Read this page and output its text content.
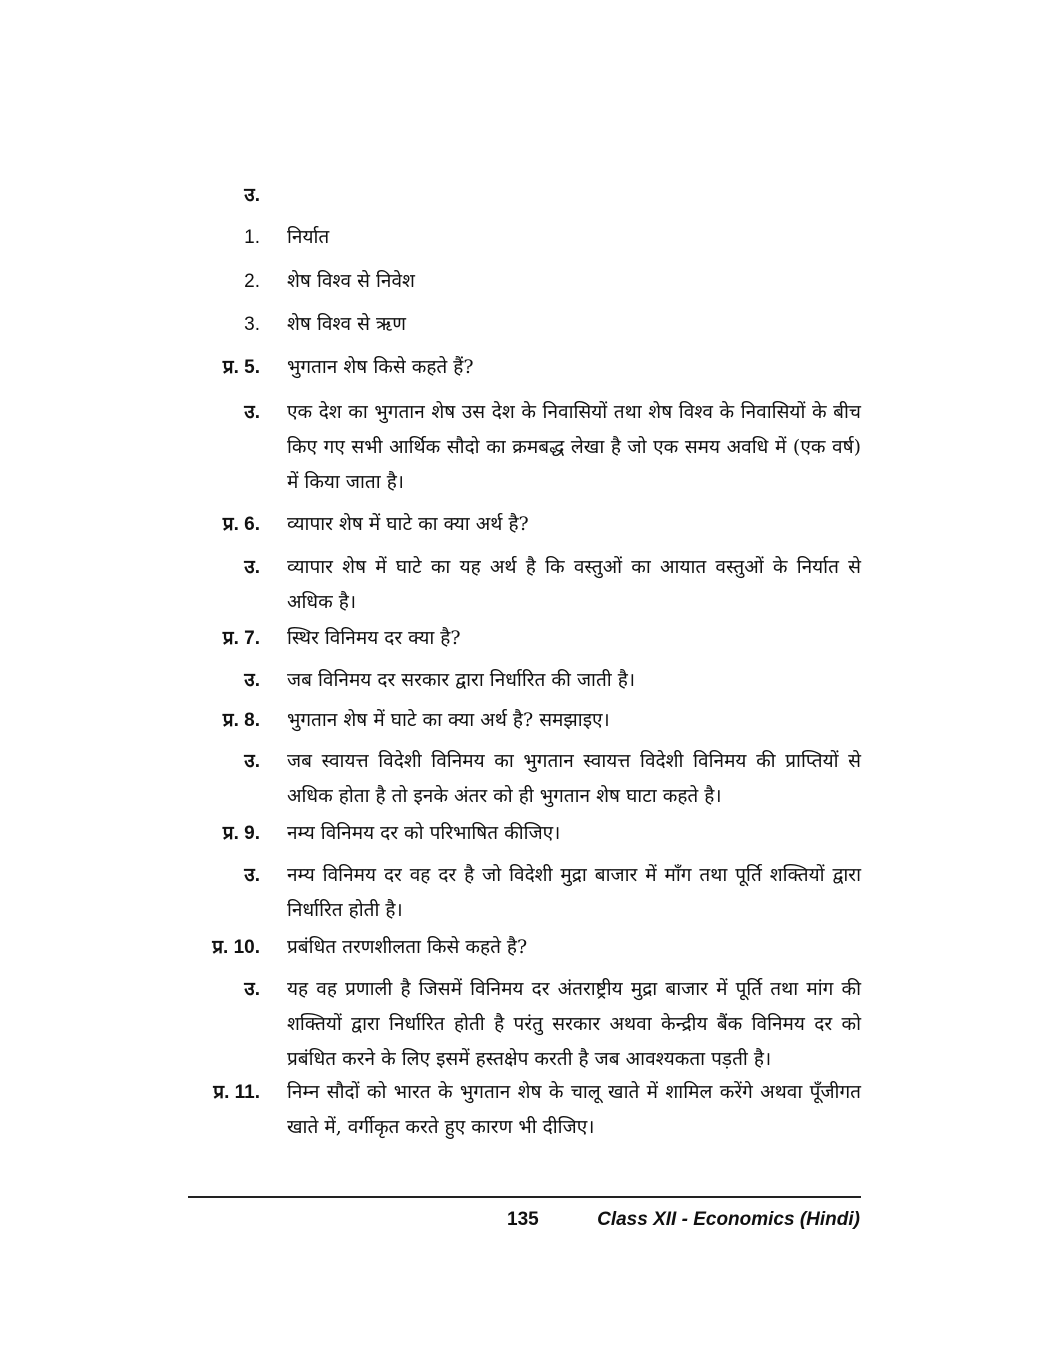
उ.
1. निर्यात
2. शेष विश्व से निवेश
3. शेष विश्व से ऋण
प्र. 5. भुगतान शेष किसे कहते हैं?
उ. एक देश का भुगतान शेष उस देश के निवासियों तथा शेष विश्व के निवासियों के बीच किए गए सभी आर्थिक सौदो का क्रमबद्ध लेखा है जो एक समय अवधि में (एक वर्ष) में किया जाता है।
प्र. 6. व्यापार शेष में घाटे का क्या अर्थ है?
उ. व्यापार शेष में घाटे का यह अर्थ है कि वस्तुओं का आयात वस्तुओं के निर्यात से अधिक है।
प्र. 7. स्थिर विनिमय दर क्या है?
उ. जब विनिमय दर सरकार द्वारा निर्धारित की जाती है।
प्र. 8. भुगतान शेष में घाटे का क्या अर्थ है? समझाइए।
उ. जब स्वायत्त विदेशी विनिमय का भुगतान स्वायत्त विदेशी विनिमय की प्राप्तियों से अधिक होता है तो इनके अंतर को ही भुगतान शेष घाटा कहते है।
प्र. 9. नम्य विनिमय दर को परिभाषित कीजिए।
उ. नम्य विनिमय दर वह दर है जो विदेशी मुद्रा बाजार में माँग तथा पूर्ति शक्तियों द्वारा निर्धारित होती है।
प्र. 10. प्रबंधित तरणशीलता किसे कहते है?
उ. यह वह प्रणाली है जिसमें विनिमय दर अंतराष्ट्रीय मुद्रा बाजार में पूर्ति तथा मांग की शक्तियों द्वारा निर्धारित होती है परंतु सरकार अथवा केन्द्रीय बैंक विनिमय दर को प्रबंधित करने के लिए इसमें हस्तक्षेप करती है जब आवश्यकता पड़ती है।
प्र. 11. निम्न सौदों को भारत के भुगतान शेष के चालू खाते में शामिल करेंगे अथवा पूँजीगत खाते में, वर्गीकृत करते हुए कारण भी दीजिए।
135	Class XII - Economics (Hindi)
